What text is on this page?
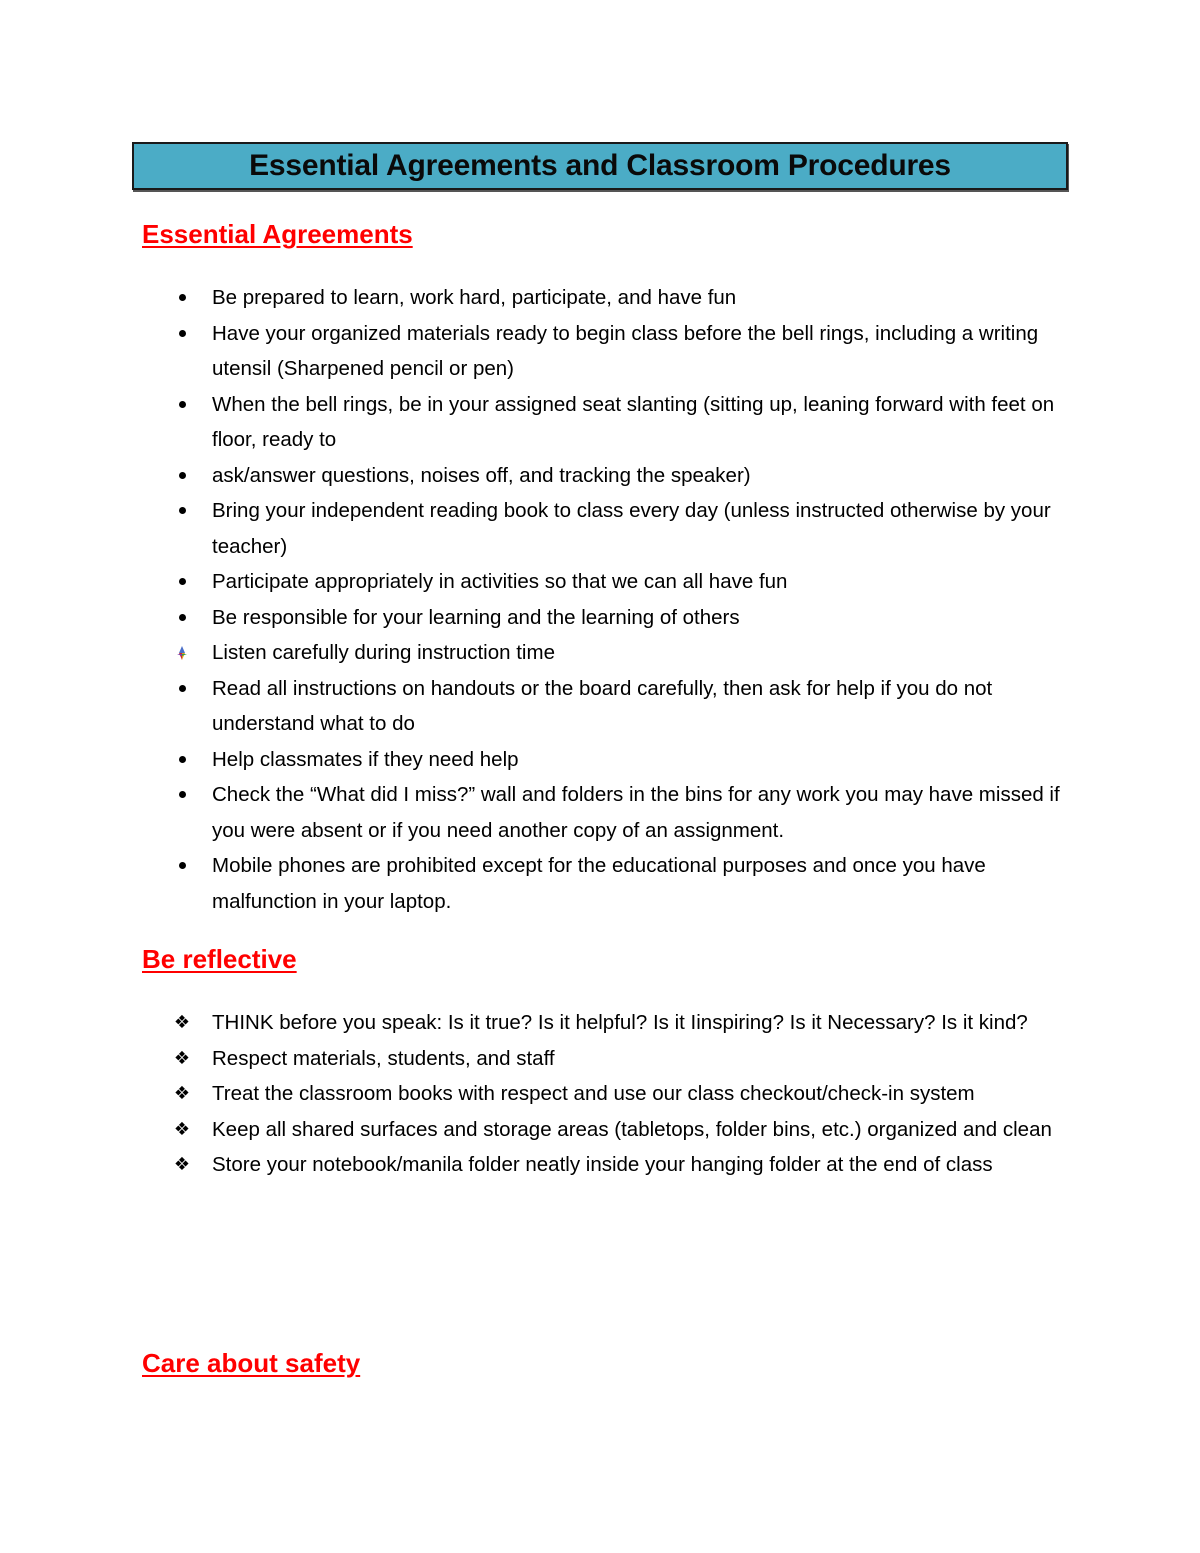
Essential Agreements and Classroom Procedures
Essential Agreements
Be prepared to learn, work hard, participate, and have fun
Have your organized materials ready to begin class before the bell rings, including a writing utensil (Sharpened pencil or pen)
When the bell rings, be in your assigned seat slanting (sitting up, leaning forward with feet on floor, ready to
ask/answer questions, noises off, and tracking the speaker)
Bring your independent reading book to class every day (unless instructed otherwise by your teacher)
Participate appropriately in activities so that we can all have fun
Be responsible for your learning and the learning of others
Listen carefully during instruction time
Read all instructions on handouts or the board carefully, then ask for help if you do not understand what to do
Help classmates if they need help
Check the “What did I miss?” wall and folders in the bins for any work you may have missed if you were absent or if you need another copy of an assignment.
Mobile phones are prohibited except for the educational purposes and once you have malfunction in your laptop.
Be reflective
❖ THINK before you speak: Is it true? Is it helpful? Is it Iinspiring? Is it Necessary? Is it kind?
❖ Respect materials, students, and staff
❖ Treat the classroom books with respect and use our class checkout/check-in system
❖ Keep all shared surfaces and storage areas (tabletops, folder bins, etc.) organized and clean
❖ Store your notebook/manila folder neatly inside your hanging folder at the end of class
Care about safety
